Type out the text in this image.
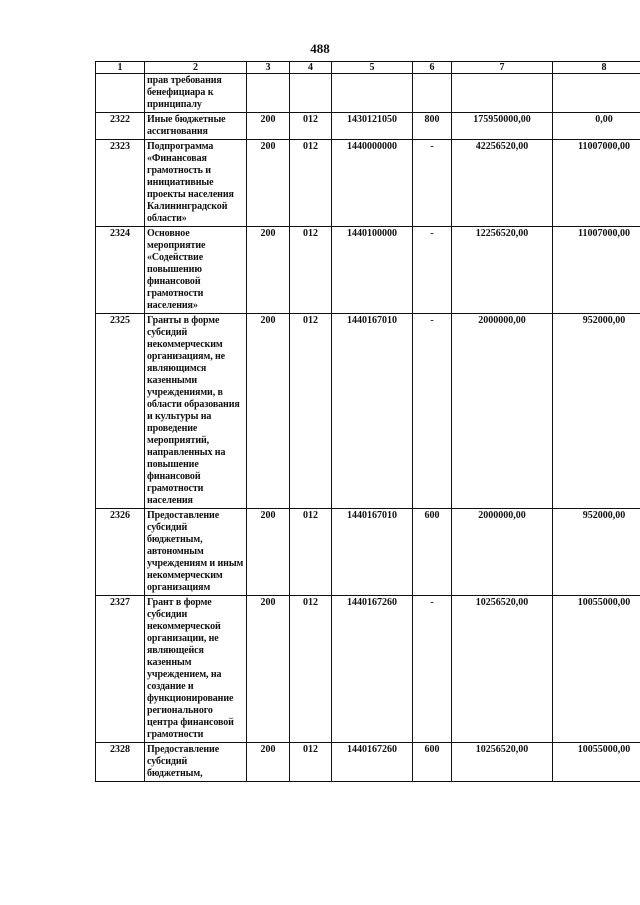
488
1	2	3	4	5	6	7	8
	прав требования бенефициара к принципалу						
2322	Иные бюджетные ассигнования	200	012	1430121050	800	175950000,00	0,00
2323	Подпрограмма «Финансовая грамотность и инициативные проекты населения Калининградской области»	200	012	1440000000	-	42256520,00	11007000,00
2324	Основное мероприятие «Содействие повышению финансовой грамотности населения»	200	012	1440100000	-	12256520,00	11007000,00
2325	Гранты в форме субсидий некоммерческим организациям, не являющимся казенными учреждениями, в области образования и культуры на проведение мероприятий, направленных на повышение финансовой грамотности населения	200	012	1440167010	-	2000000,00	952000,00
2326	Предоставление субсидий бюджетным, автономным учреждениям и иным некоммерческим организациям	200	012	1440167010	600	2000000,00	952000,00
2327	Грант в форме субсидии некоммерческой организации, не являющейся казенным учреждением, на создание и функционирование регионального центра финансовой грамотности	200	012	1440167260	-	10256520,00	10055000,00
2328	Предоставление субсидий бюджетным,	200	012	1440167260	600	10256520,00	10055000,00
